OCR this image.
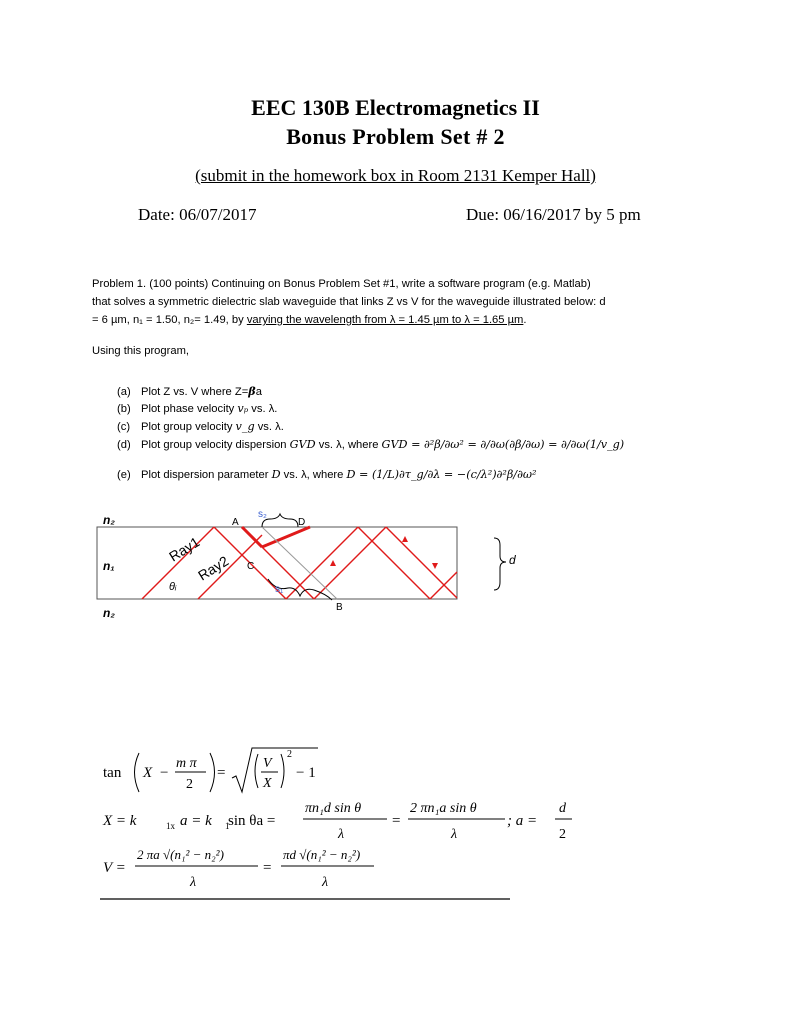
EEC 130B Electromagnetics II
Bonus Problem Set # 2
(submit in the homework box in Room 2131 Kemper Hall)
Date: 06/07/2017	Due: 06/16/2017 by 5 pm
Problem 1. (100 points) Continuing on Bonus Problem Set #1, write a software program (e.g. Matlab)
that solves a symmetric dielectric slab waveguide that links Z vs V for the waveguide illustrated below: d
= 6 µm, n₁ = 1.50, n₂= 1.49, by varying the wavelength from λ = 1.45 µm to λ = 1.65 µm.
Using this program,
(a) Plot Z vs. V where Z=βa
(b) Plot phase velocity vₚ vs. λ.
(c) Plot group velocity v_g vs. λ.
(d) Plot group velocity dispersion GVD vs. λ, where GVD = ∂²β/∂ω² = ∂/∂ω(∂β/∂ω) = ∂/∂ω(1/v_g)
(e) Plot dispersion parameter D vs. λ, where D = (1/L)∂τ_g/∂λ = −(c/λ²)∂²β/∂ω²
n₂
n₁
n₂
A	D
B
C
s₂
s₁
Ray1
Ray2
θᵢ
d
tan X −
m π
2
=
V
X
2
− 1
X = k	1x a = k 1
sin θa =
πn₁d sin θ
λ
=
2 πn₁a sin θ
λ
; a =
d
2
V =
2 πa √(n₁² − n₂²)
λ
=
πd √(n₁² − n₂²)
λ
